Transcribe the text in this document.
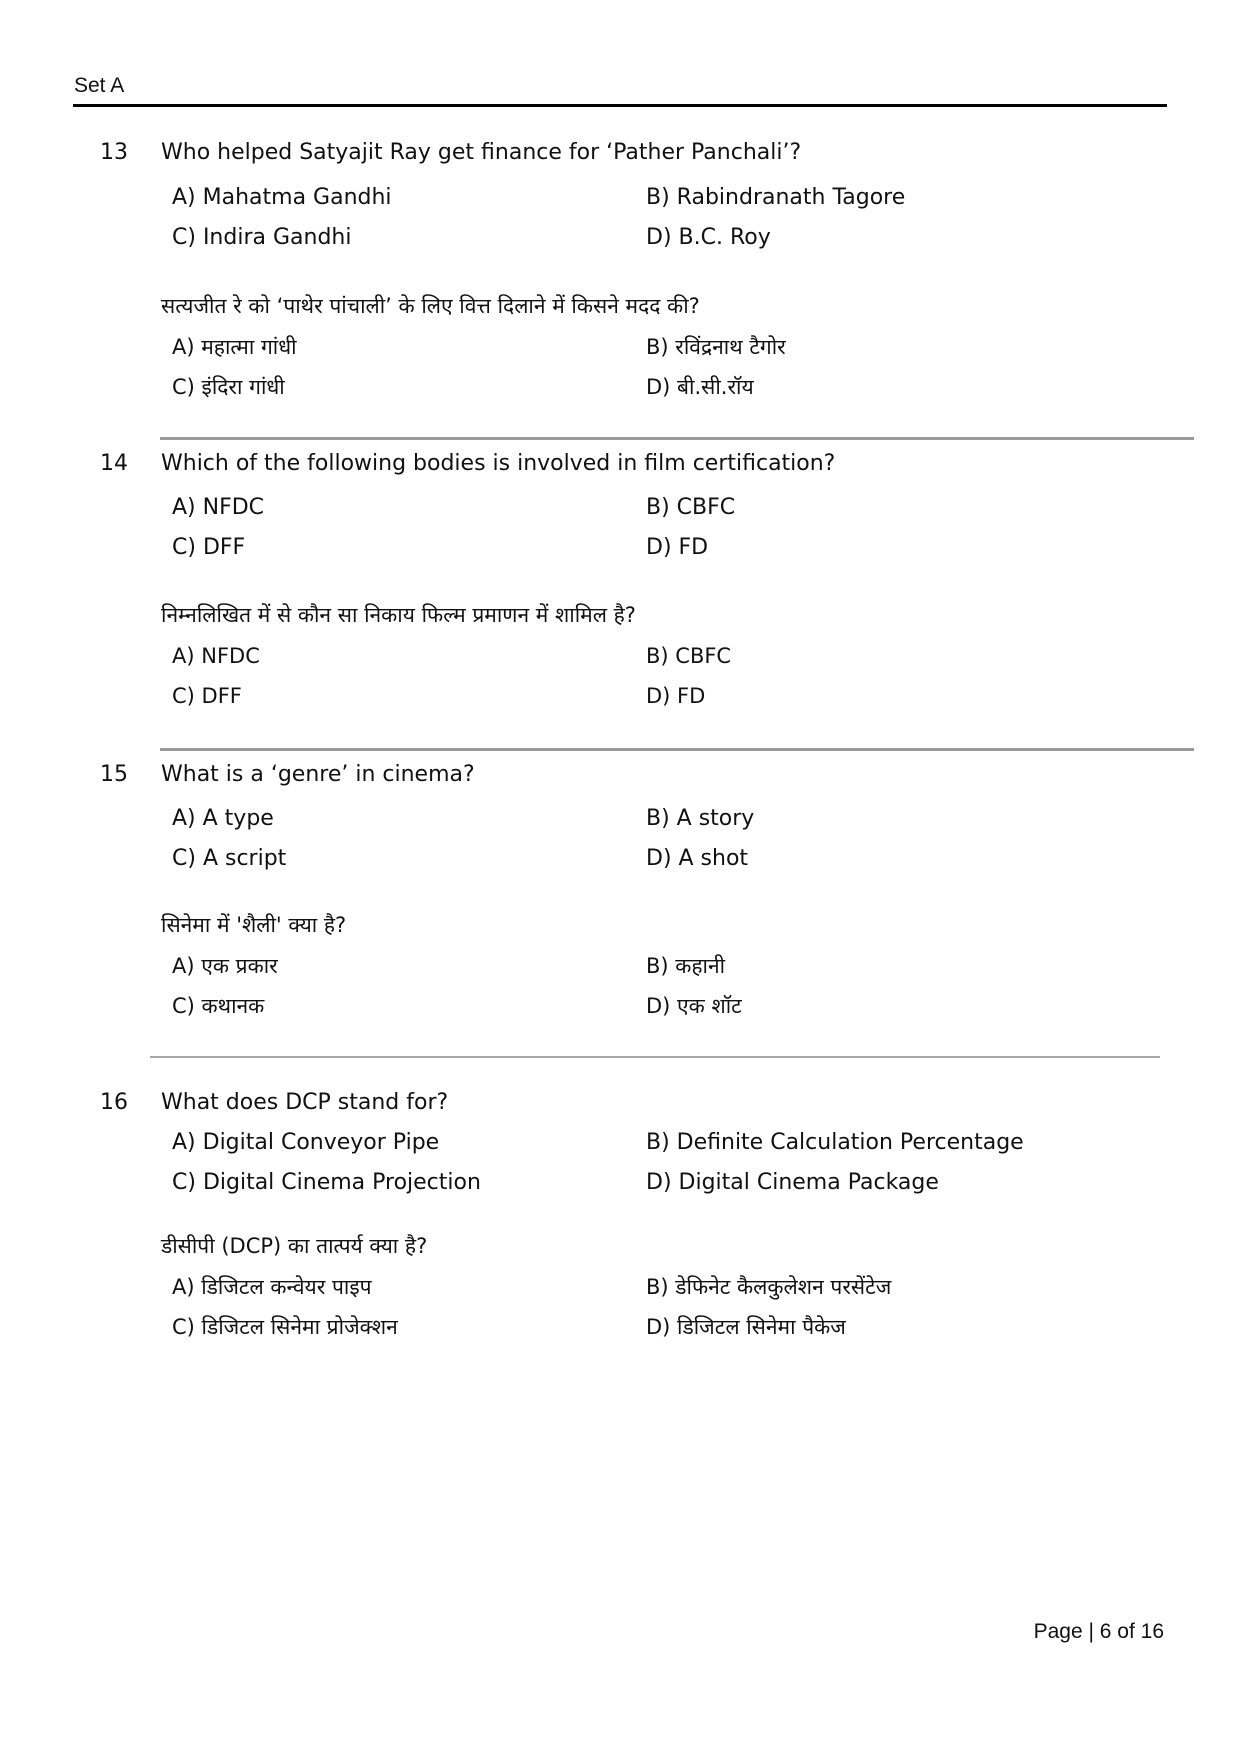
Set A
13 Who helped Satyajit Ray get finance for ‘Pather Panchali’?
A) Mahatma Gandhi	B) Rabindranath Tagore
C) Indira Gandhi	D) B.C. Roy
सत्यजीत रे को ‘पाथेर पांचाली’ के लिए वित्त दिलाने में किसने मदद की?
A) महात्मा गांधी	B) रविंद्रनाथ टैगोर
C) इंदिरा गांधी	D) बी.सी.रॉय
14 Which of the following bodies is involved in film certification?
A) NFDC	B) CBFC
C) DFF	D) FD
निम्नलिखित में से कौन सा निकाय फिल्म प्रमाणन में शामिल है?
A) NFDC	B) CBFC
C) DFF	D) FD
15 What is a ‘genre’ in cinema?
A) A type	B) A story
C) A script	D) A shot
सिनेमा में 'शैली' क्या है?
A) एक प्रकार	B) कहानी
C) कथानक	D) एक शॉट
16 What does DCP stand for?
A) Digital Conveyor Pipe	B) Definite Calculation Percentage
C) Digital Cinema Projection	D) Digital Cinema Package
डीसीपी (DCP) का तात्पर्य क्या है?
A) डिजिटल कन्वेयर पाइप	B) डेफिनेट कैलकुलेशन परसेंटेज
C) डिजिटल सिनेमा प्रोजेक्शन	D) डिजिटल सिनेमा पैकेज
Page | 6 of 16
